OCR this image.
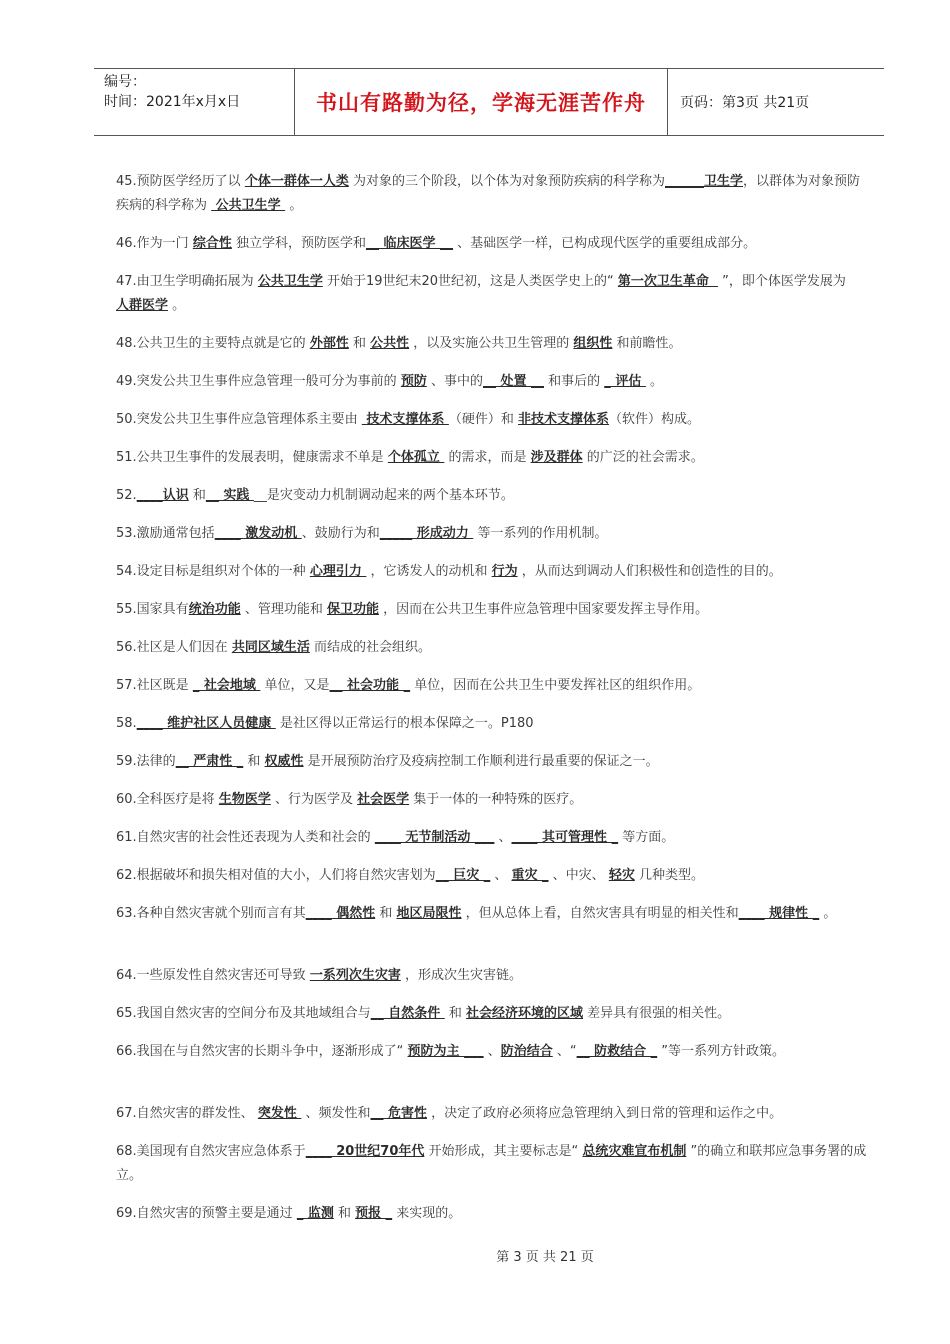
编号：
时间：2021年x月x日	书山有路勤为径，学海无涯苦作舟 页码：第3页 共21页

45.预防医学经历了以 个体一群体一人类 为对象的三个阶段，以个体为对象预防疾病的科学称为______卫生学，以群体为对象预防疾病的科学称为  公共卫生学  。

46.作为一门 综合性 独立学科，预防医学和__ 临床医学 __ 、基础医学一样，已构成现代医学的重要组成部分。

47.由卫生学明确拓展为 公共卫生学 开始于19世纪末20世纪初，这是人类医学史上的“ 第一次卫生革命   ”，即个体医学发展为 人群医学 。

48.公共卫生的主要特点就是它的 外部性 和 公共性 ，以及实施公共卫生管理的 组织性 和前瞻性。

49.突发公共卫生事件应急管理一般可分为事前的 预防 、事中的__ 处置 __ 和事后的 _ 评估  。

50.突发公共卫生事件应急管理体系主要由  技术支撑体系 （硬件）和 非技术支撑体系（软件）构成。

51.公共卫生事件的发展表明，健康需求不单是 个体孤立  的需求，而是 涉及群体 的广泛的社会需求。

52.____认识 和__ 实践 __是灾变动力机制调动起来的两个基本环节。

53.激励通常包括____ 激发动机 、鼓励行为和_____ 形成动力  等一系列的作用机制。

54.设定目标是组织对个体的一种 心理引力  ，它诱发人的动机和 行为 ，从而达到调动人们积极性和创造性的目的。

55.国家具有统治功能 、管理功能和 保卫功能 ，因而在公共卫生事件应急管理中国家要发挥主导作用。

56.社区是人们因在 共同区域生活 而结成的社会组织。

57.社区既是 _ 社会地域  单位，又是__ 社会功能 _ 单位，因而在公共卫生中要发挥社区的组织作用。

58.____ 维护社区人员健康  是社区得以正常运行的根本保障之一。P180

59.法律的__ 严肃性 _ 和 权威性 是开展预防治疗及疫病控制工作顺利进行最重要的保证之一。

60.全科医疗是将 生物医学 、行为医学及 社会医学 集于一体的一种特殊的医疗。

61.自然灾害的社会性还表现为人类和社会的 ____ 无节制活动 ___ 、____ 其可管理性 _ 等方面。

62.根据破坏和损失相对值的大小，人们将自然灾害划为__ 巨灾 _ 、 重灾 _ 、中灾、 轻灾 几种类型。

63.各种自然灾害就个别而言有其____ 偶然性 和 地区局限性 ，但从总体上看，自然灾害具有明显的相关性和____ 规律性 _ 。

64.一些原发性自然灾害还可导致 一系列次生灾害 ，形成次生灾害链。

65.我国自然灾害的空间分布及其地域组合与__ 自然条件  和 社会经济环境的区域 差异具有很强的相关性。

66.我国在与自然灾害的长期斗争中，逐渐形成了“ 预防为主 ___ 、防治结合 、“__ 防救结合 _ ”等一系列方针政策。

67.自然灾害的群发性、 突发性  、频发性和__ 危害性 ，决定了政府必须将应急管理纳入到日常的管理和运作之中。

68.美国现有自然灾害应急体系于____ 20世纪70年代 开始形成，其主要标志是“ 总统灾难宣布机制 ”的确立和联邦应急事务署的成立。

69.自然灾害的预警主要是通过 _ 监测 和 预报 _ 来实现的。

第 3 页 共 21 页
